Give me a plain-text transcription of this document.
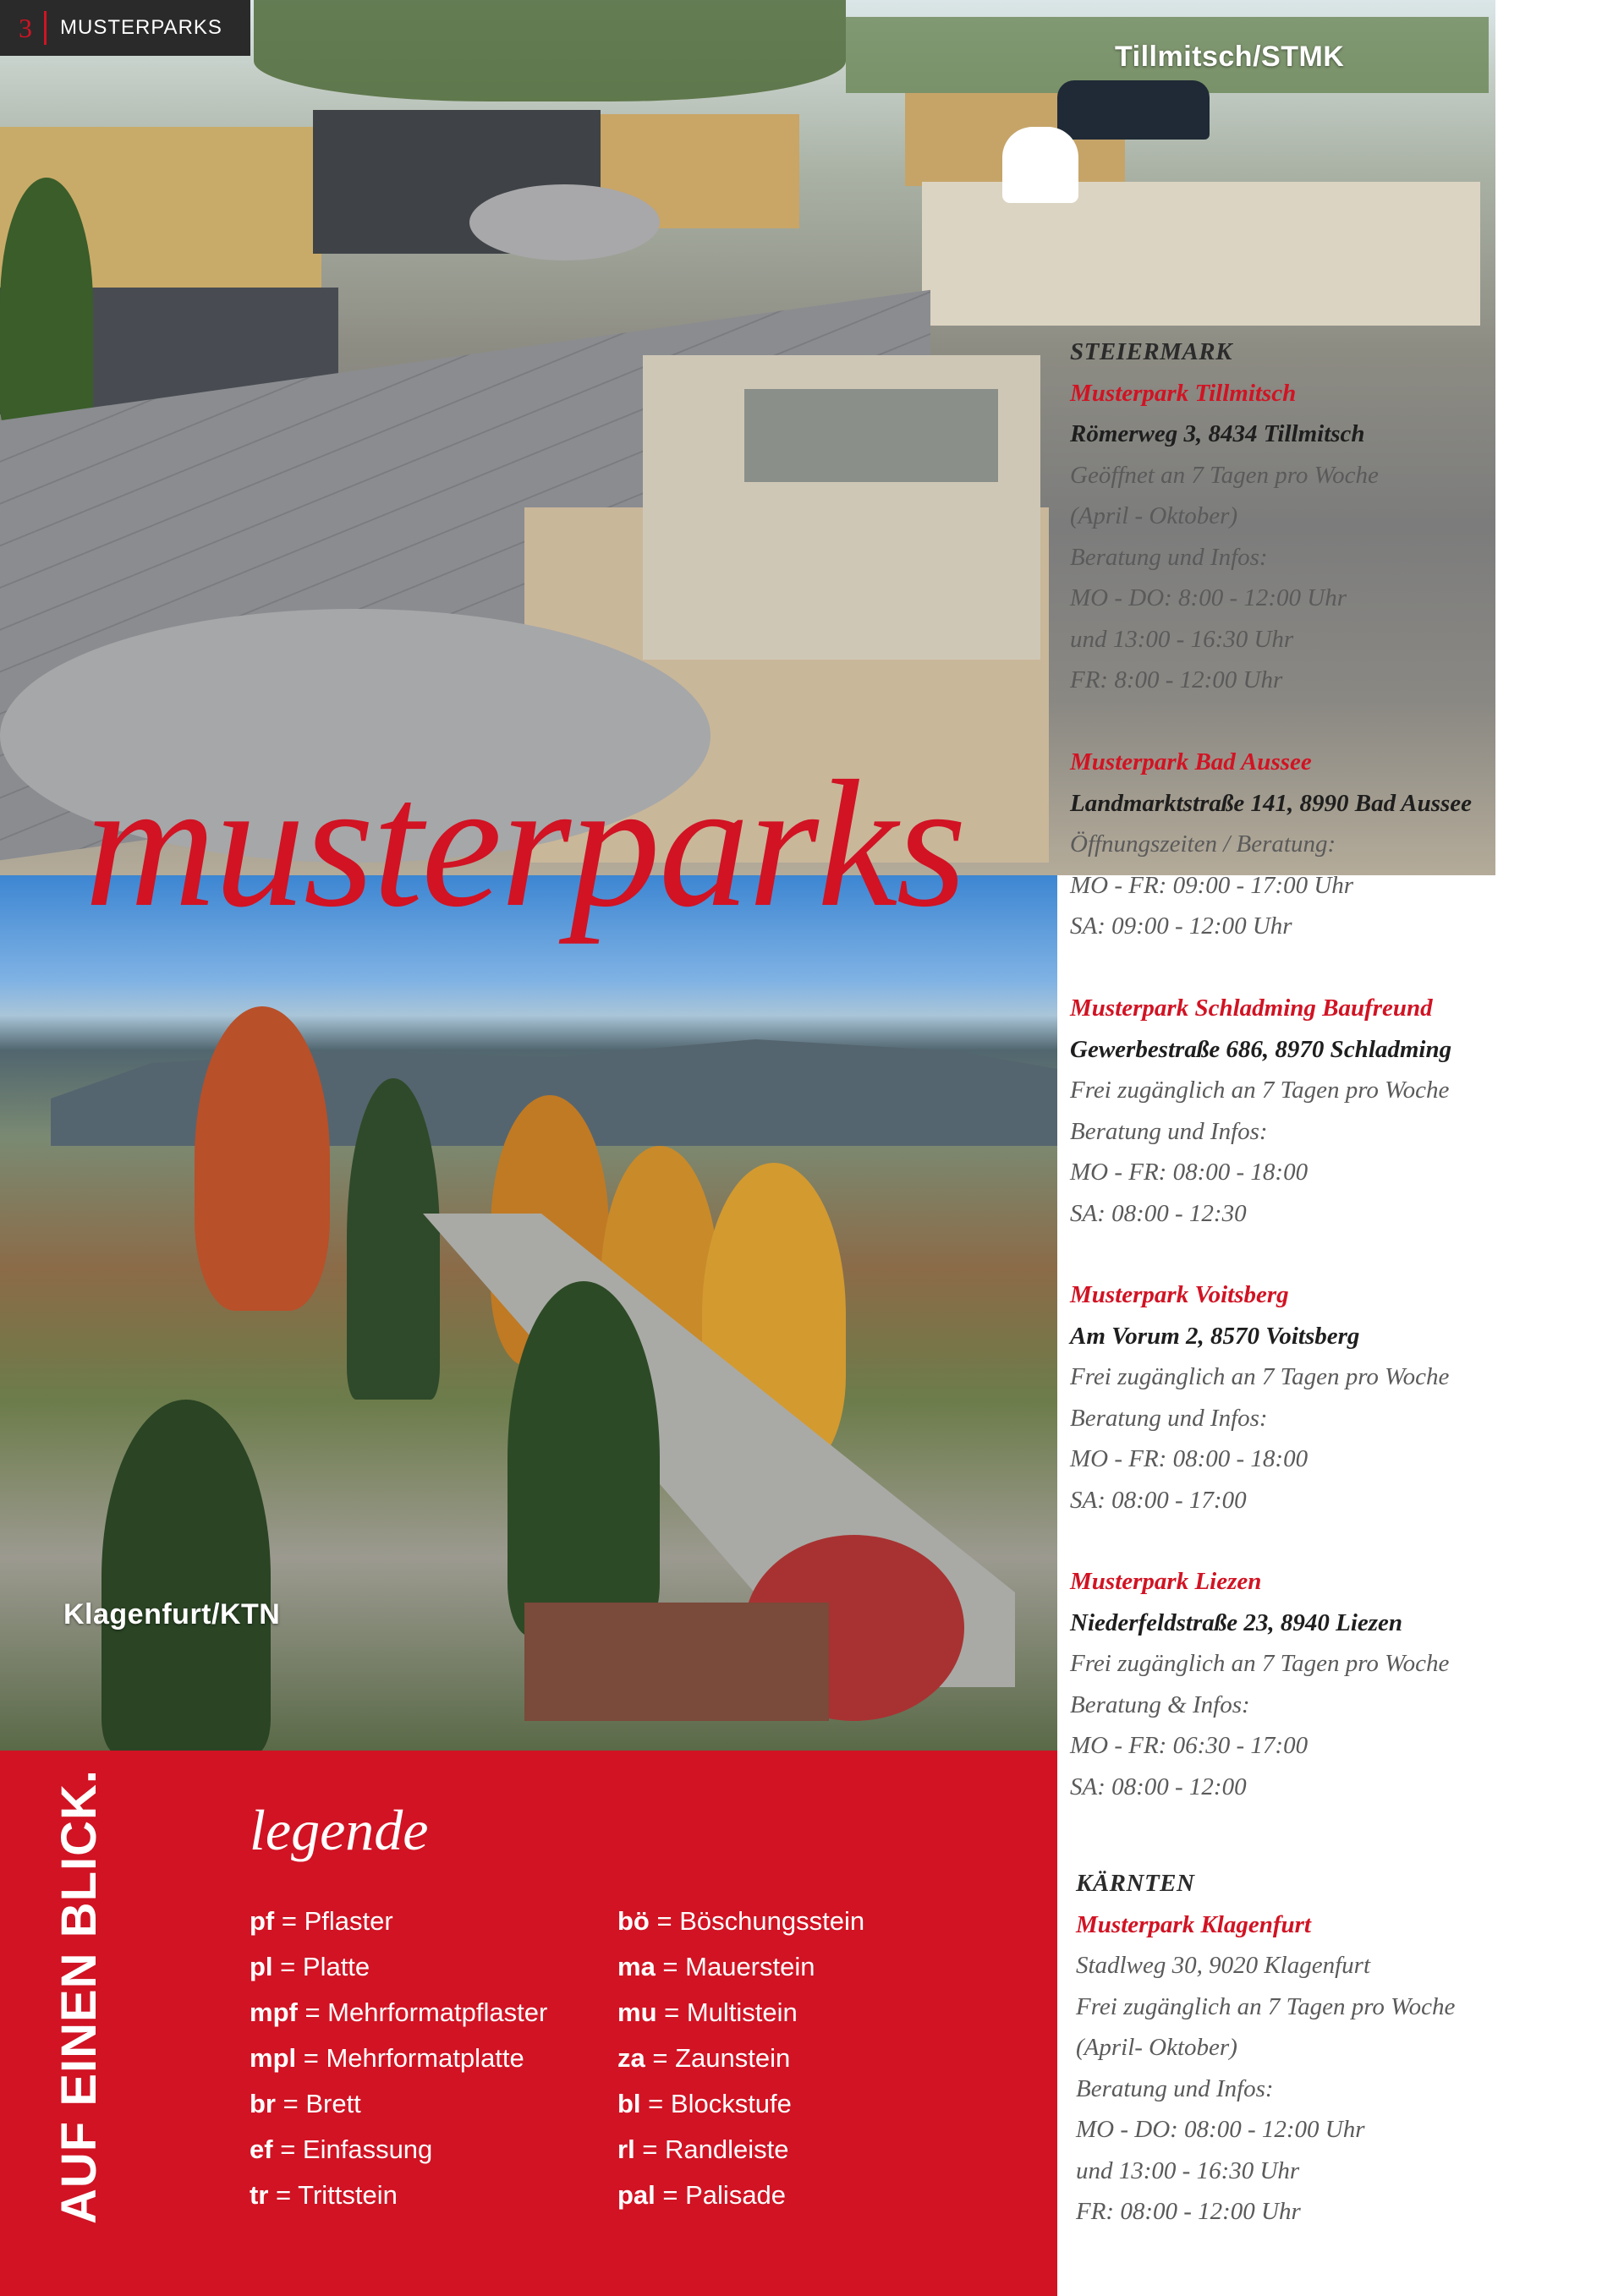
Tillmitsch/STMK
3	MUSTERPARKS
Klagenfurt/KTN
musterparks
AUF EINEN BLICK. legende
pf = Pflaster
pl = Platte
mpf = Mehrformatpflaster
mpl = Mehrformatplatte
br = Brett
ef = Einfassung
tr = Trittstein
bö = Böschungsstein
ma = Mauerstein
mu = Multistein
za = Zaunstein
bl = Blockstufe
rl = Randleiste
pal = Palisade
STEIERMARK
Musterpark Tillmitsch
Römerweg 3, 8434 Tillmitsch
Geöffnet an 7 Tagen pro Woche
(April - Oktober)
Beratung und Infos:
MO - DO: 8:00 - 12:00 Uhr
und 13:00 - 16:30 Uhr
FR: 8:00 - 12:00 Uhr
Musterpark Bad Aussee
Landmarktstraße 141, 8990 Bad Aussee
Öffnungszeiten / Beratung:
MO - FR: 09:00 - 17:00 Uhr
SA: 09:00 - 12:00 Uhr
Musterpark Schladming Baufreund
Gewerbestraße 686, 8970 Schladming
Frei zugänglich an 7 Tagen pro Woche
Beratung und Infos:
MO - FR: 08:00 - 18:00
SA: 08:00 - 12:30
Musterpark Voitsberg
Am Vorum 2, 8570 Voitsberg
Frei zugänglich an 7 Tagen pro Woche
Beratung und Infos:
MO - FR: 08:00 - 18:00
SA: 08:00 - 17:00
Musterpark Liezen
Niederfeldstraße 23, 8940 Liezen
Frei zugänglich an 7 Tagen pro Woche
Beratung & Infos:
MO - FR: 06:30 - 17:00
SA: 08:00 - 12:00
KÄRNTEN
Musterpark Klagenfurt
Stadlweg 30, 9020 Klagenfurt
Frei zugänglich an 7 Tagen pro Woche
(April- Oktober)
Beratung und Infos:
MO - DO: 08:00 - 12:00 Uhr
und 13:00 - 16:30 Uhr
FR: 08:00 - 12:00 Uhr
